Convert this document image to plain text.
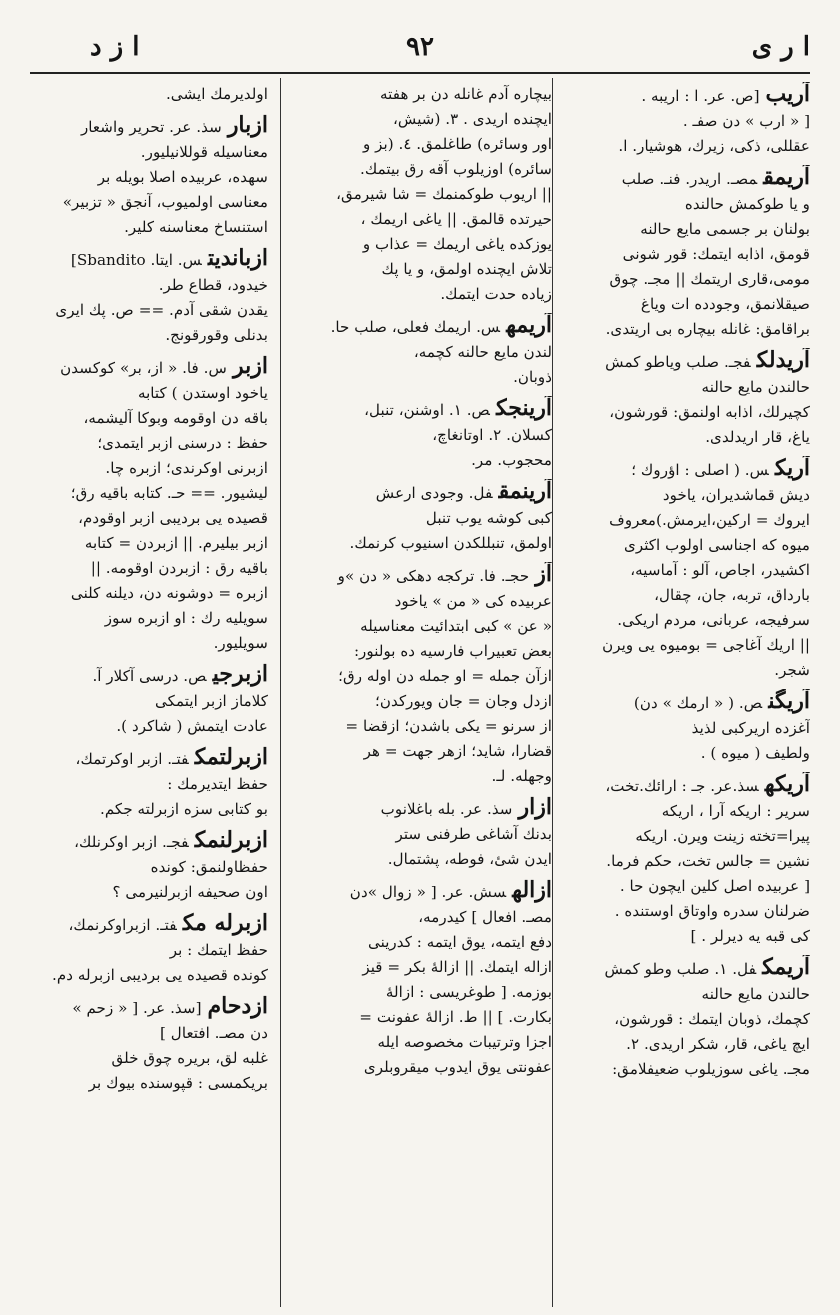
ا ر ی
٩٢
ا ز د
آریب[ص. عر. ا : اریبه .
[ « ارب » دن صفـ .
عقللی، ذکی، زیرك، هوشیار. ا.
آریمقمصـ. اریدر. فنـ. صلب
و یا طوکمش حالنده
بولنان بر جسمی مایع حالنه
قومق، اذابه ایتمك: قور شونی
مومی،قاری اریتمك || مجـ. چوق
صیقلانمق، وجودده ات ویاغ
براقامق: غانله بیچاره بی اریتدی.
آریدلكفجـ. صلب ویاطو کمش
حالندن مایع حالنه
کچیرلك، اذابه اولنمق: قورشون،
یاغ، قار اریدلدی.
آریكس. ( اصلی : اؤروك ؛
دیش قماشدیران، یاخود
ایروك = ارکین،ایرمش.)معروف
میوه که اجناسی اولوب اکثری
اکشیدر، اجاص، آلو : آماسیه،
بارداق، تربه، جان، چقال،
سرفیجه، عربانی، مردم اریکی.
|| اریك آغاجی = بومیوه یی ویرن
شجر.
آریگنص. ( « ارمك » دن)
آغزده اریرکبی لذیذ
ولطیف ( میوه ) .
آریکهسذ.عر. جـ : ارائك.تخت،
سریر : اریکه آرا ، اریکه
پیرا=تخته زینت ویرن. اریکه
نشین = جالس تخت، حکم فرما.
[ عربیده اصل کلین ایچون حا .
ضرلنان سدره واوتاق اوستنده .
کی قبه یه دیرلر . ]
آریمكفل. ١. صلب وطو کمش
حالندن مایع حالنه
کچمك، ذوبان ایتمك : قورشون،
ایچ یاغی، قار، شکر اریدی. ٢.
مجـ. یاغی سوزیلوب ضعیفلامق:
بیچاره آدم غانله دن بر هفته
ایچنده اریدی . ٣. (شیش،
اور وسائره) طاغلمق. ٤. (بز و
سائره) اوزیلوب آقه رق بیتمك.
|| اریوب طوکمنمك = شا شیرمق،
حیرتده قالمق. || یاغی اریمك ،
یوزکده یاغی اریمك = عذاب و
تلاش ایچنده اولمق، و یا پك
زیاده حدت ایتمك.
آریمهس. اریمك فعلی، صلب حا.
لندن مایع حالنه کچمه،
ذوبان.
آرینجكص. ١. اوشنن، تنبل،
کسلان. ٢. اوتانغاچ،
محجوب. مر.
آرینمقفل. وجودی ارعش
کبی کوشه یوب تنبل
اولمق، تنبللکدن اسنیوب کرنمك.
آزحجـ. فا. ترکجه دهکی « دن »و
عربیده کی « من » یاخود
« عن » کبی ابتدائیت معناسیله
بعض تعبیراب فارسیه ده بولنور:
ازآن جمله = او جمله دن اوله رق؛
ازدل وجان = جان ویورکدن؛
از سرنو = یکی باشدن؛ ازقضا =
قضارا، شاید؛ ازهر جهت = هر
وجهله. لـ.
ازارسذ. عر. بله باغلانوب
بدنك آشاغی طرفنی ستر
ایدن شیٔ، فوطه، پشتمال.
ازالهسش. عر. [ « زوال »دن
مصـ. افعال ] کیدرمه،
دفع ایتمه، یوق ایتمه : کدرینی
ازاله ایتمك. || ازالهٔ بکر = قیز
بوزمه. [ طوغریسی : ازالهٔ
بکارت. ] || ط. ازالهٔ عفونت =
اجزا وترتیبات مخصوصه ایله
عفونتی یوق ایدوب میقروبلری
اولدیرمك ایشی.
ازبارسذ. عر. تحریر واشعار
معناسیله قوللانیلیور.
سهده، عربیده اصلا بویله بر
معناسی اولمیوب، آنجق « تزبیر»
استنساخ معناسنه کلیر.
ازباندیتس. ایتا. Sbandito]
خیدود، قطاع طر.
یقدن شقی آدم. == ص. پك ایری
بدنلی وقورقونج.
ازبرس. فا. « از، بر» کوکسدن
یاخود اوستدن ) کتابه
باقه دن اوقومه وبوکا آلیشمه،
حفظ : درسنی ازبر ایتمدی؛
ازبرنی اوکرندی؛ ازبره چا.
لیشیور. == حـ. کتابه باقیه رق؛
قصیده یی بردیبی ازبر اوقودم،
ازبر بیلیرم. || ازبردن = کتابه
باقیه رق : ازبردن اوقومه. ||
ازبره = دوشونه دن، دیلنه کلنی
سویلیه رك : او ازبره سوز
سویلیور.
ازبرجیص. درسی آکلار آ.
کلاماز ازبر ایتمکی
عادت ایتمش ( شاکرد ).
ازبرلتمكفتـ. ازبر اوکرتمك،
حفظ ایتدیرمك :
بو کتابی سزه ازبرلته جکم.
ازبرلنمكفجـ. ازبر اوکرنلك،
حفظاولنمق: کونده
اون صحیفه ازبرلنیرمی ؟
ازبرله مكفتـ. ازبراوکرنمك،
حفظ ایتمك : بر
کونده قصیده یی بردیبی ازبرله دم.
ازدحام[سذ. عر. [ « زحم »
دن مصـ. افتعال ]
غلبه لق، بریره چوق خلق
بریکمسی : قپوسنده بیوك بر
